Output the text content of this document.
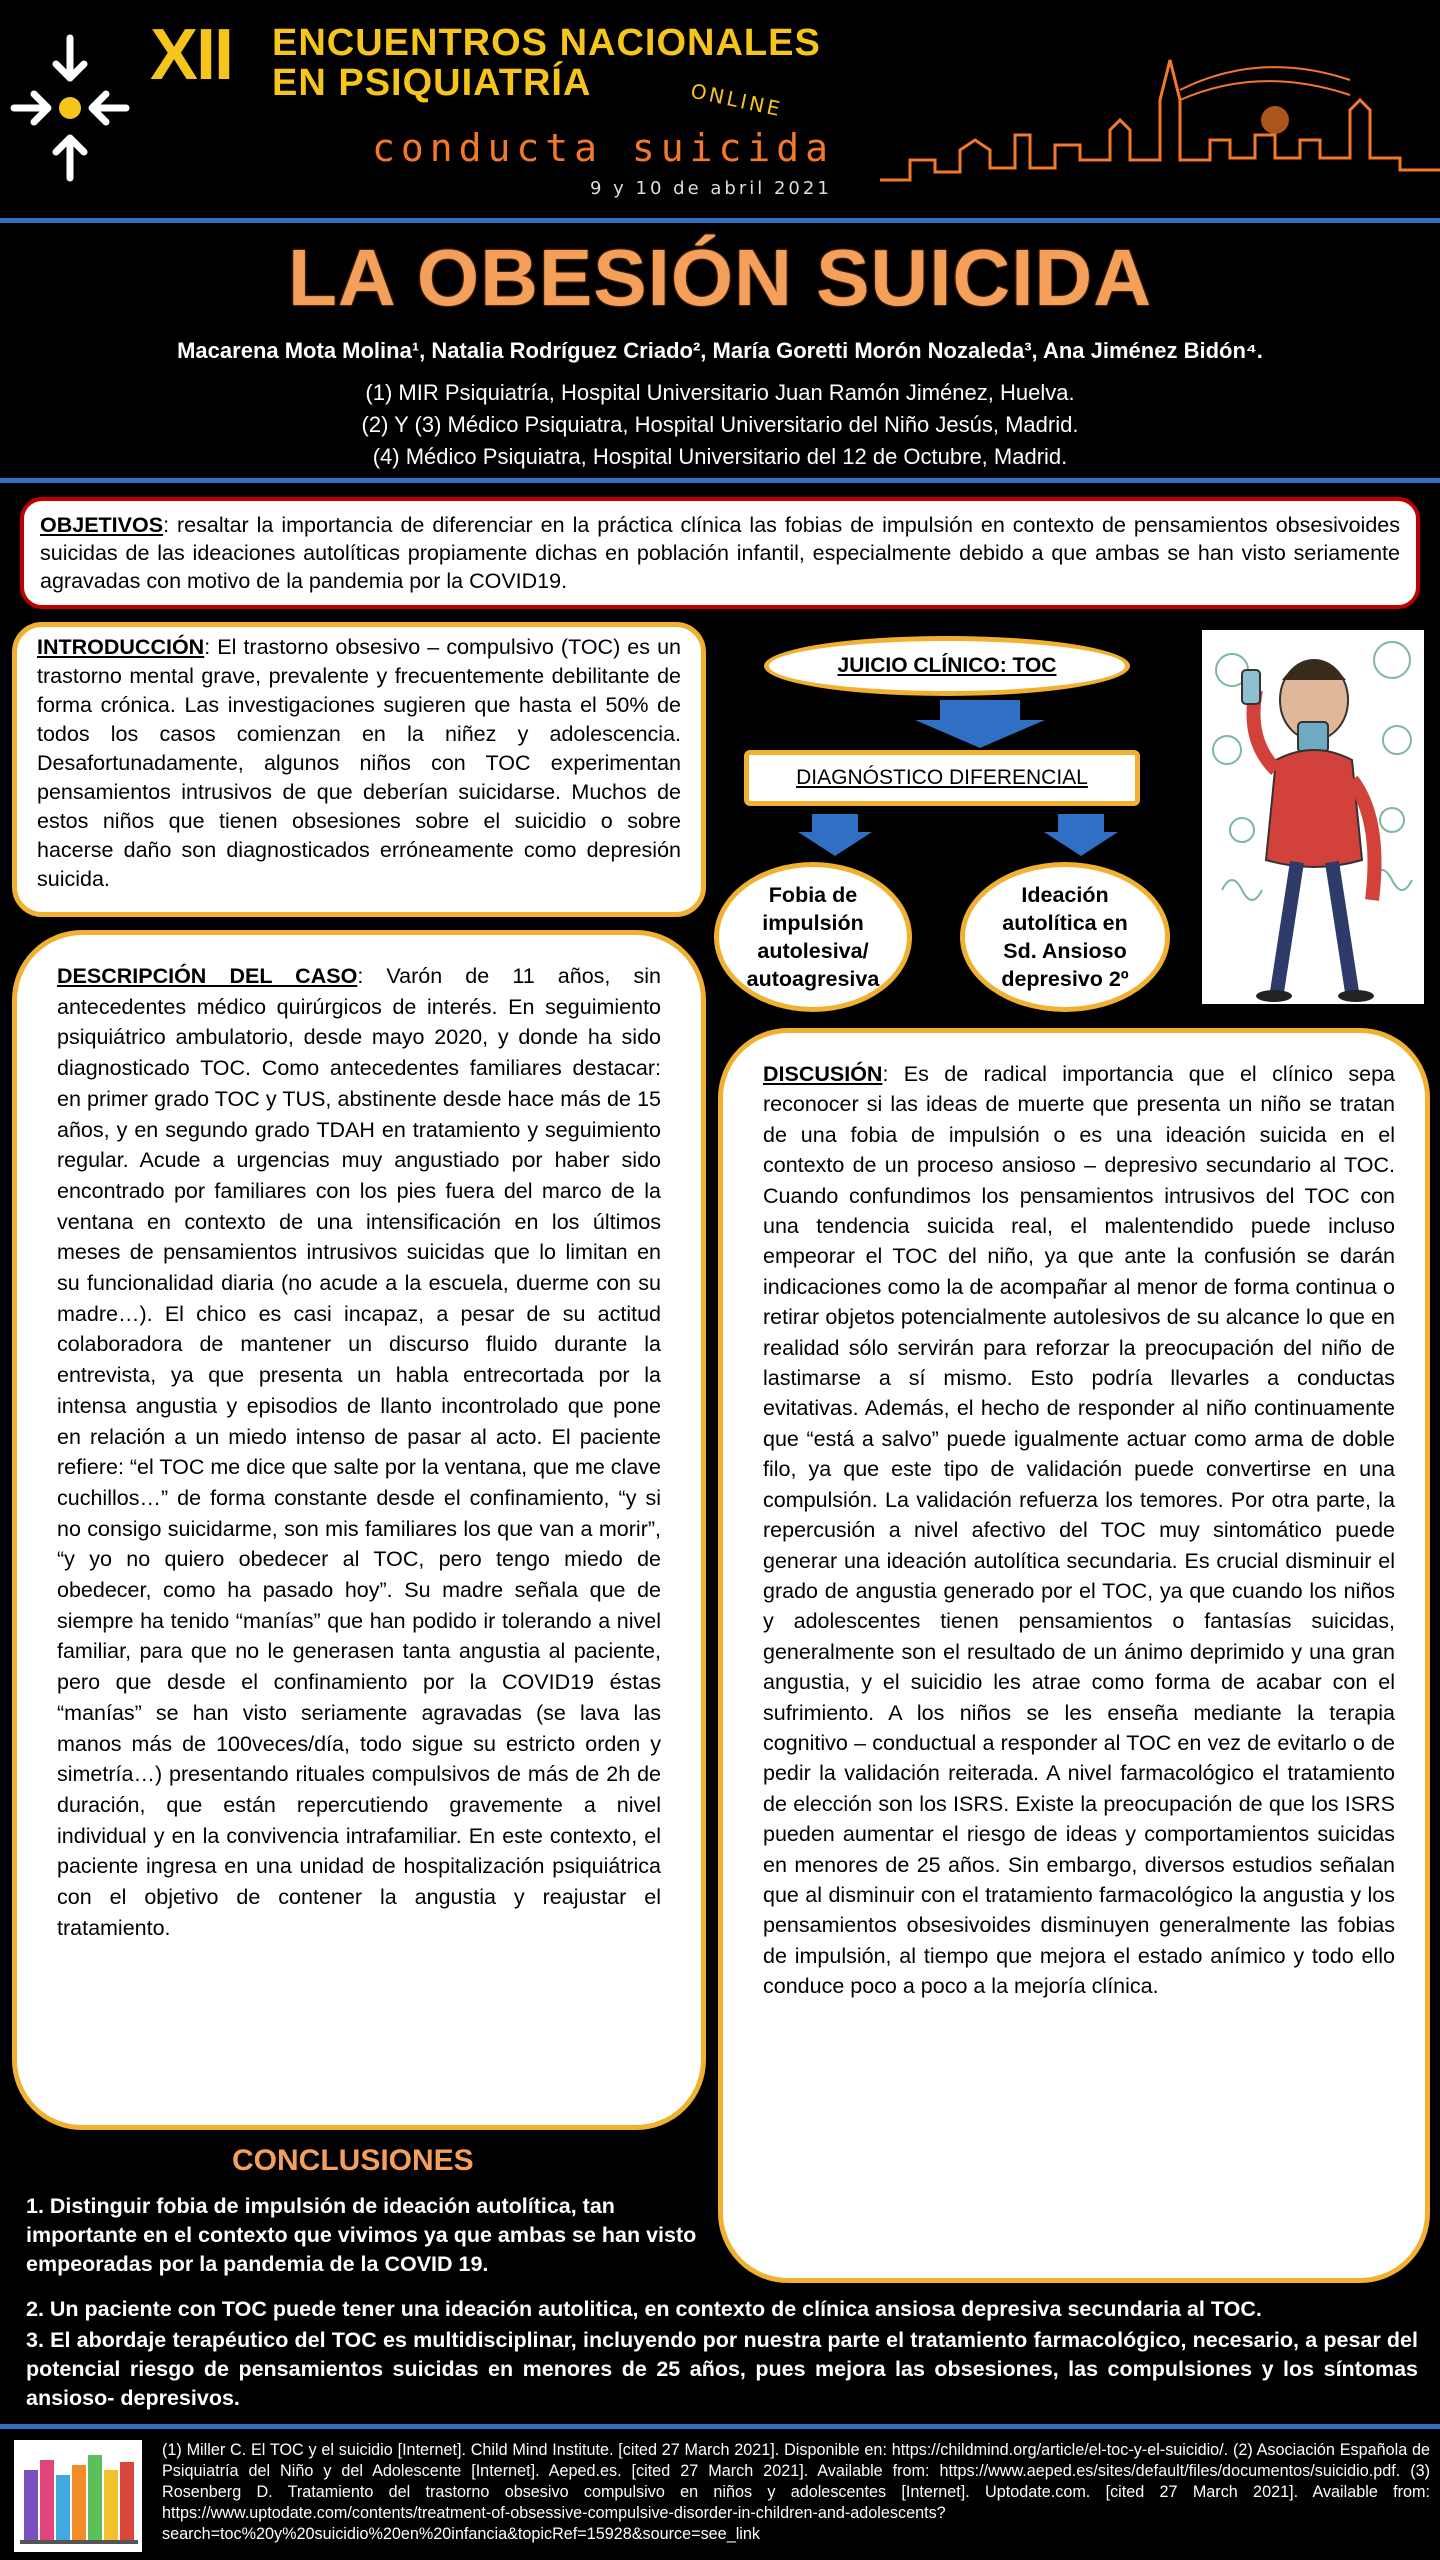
XII ENCUENTROS NACIONALES
EN PSIQUIATRÍA	ONLINE
conducta suicida
9 y 10 de abril 2021
LA OBESIÓN SUICIDA
Macarena Mota Molina¹, Natalia Rodríguez Criado², María Goretti Morón Nozaleda³, Ana Jiménez Bidón⁴.
(1) MIR Psiquiatría, Hospital Universitario Juan Ramón Jiménez, Huelva.
(2) Y (3) Médico Psiquiatra, Hospital Universitario del Niño Jesús, Madrid.
(4) Médico Psiquiatra, Hospital Universitario del 12 de Octubre, Madrid.
OBJETIVOS: resaltar la importancia de diferenciar en la práctica clínica las fobias de impulsión en contexto de pensamientos obsesivoides suicidas de las ideaciones autolíticas propiamente dichas en población infantil, especialmente debido a que ambas se han visto seriamente agravadas con motivo de la pandemia por la COVID19.
INTRODUCCIÓN: El trastorno obsesivo – compulsivo (TOC) es un trastorno mental grave, prevalente y frecuentemente debilitante de forma crónica. Las investigaciones sugieren que hasta el 50% de todos los casos comienzan en la niñez y adolescencia. Desafortunadamente, algunos niños con TOC experimentan pensamientos intrusivos de que deberían suicidarse. Muchos de estos niños que tienen obsesiones sobre el suicidio o sobre hacerse daño son diagnosticados erróneamente como depresión suicida.
JUICIO CLÍNICO: TOC
DIAGNÓSTICO DIFERENCIAL
Fobia de
impulsión
autolesiva/
autoagresiva
Ideación
autolítica en
Sd. Ansioso
depresivo 2º
DESCRIPCIÓN DEL CASO: Varón de 11 años, sin antecedentes médico quirúrgicos de interés. En seguimiento psiquiátrico ambulatorio, desde mayo 2020, y donde ha sido diagnosticado TOC. Como antecedentes familiares destacar: en primer grado TOC y TUS, abstinente desde hace más de 15 años, y en segundo grado TDAH en tratamiento y seguimiento regular. Acude a urgencias muy angustiado por haber sido encontrado por familiares con los pies fuera del marco de la ventana en contexto de una intensificación en los últimos meses de pensamientos intrusivos suicidas que lo limitan en su funcionalidad diaria (no acude a la escuela, duerme con su madre…). El chico es casi incapaz, a pesar de su actitud colaboradora de mantener un discurso fluido durante la entrevista, ya que presenta un habla entrecortada por la intensa angustia y episodios de llanto incontrolado que pone en relación a un miedo intenso de pasar al acto. El paciente refiere: “el TOC me dice que salte por la ventana, que me clave cuchillos…” de forma constante desde el confinamiento, “y si no consigo suicidarme, son mis familiares los que van a morir”, “y yo no quiero obedecer al TOC, pero tengo miedo de obedecer, como ha pasado hoy”. Su madre señala que de siempre ha tenido “manías” que han podido ir tolerando a nivel familiar, para que no le generasen tanta angustia al paciente, pero que desde el confinamiento por la COVID19 éstas “manías” se han visto seriamente agravadas (se lava las manos más de 100veces/día, todo sigue su estricto orden y simetría…) presentando rituales compulsivos de más de 2h de duración, que están repercutiendo gravemente a nivel individual y en la convivencia intrafamiliar. En este contexto, el paciente ingresa en una unidad de hospitalización psiquiátrica con el objetivo de contener la angustia y reajustar el tratamiento.
DISCUSIÓN: Es de radical importancia que el clínico sepa reconocer si las ideas de muerte que presenta un niño se tratan de una fobia de impulsión o es una ideación suicida en el contexto de un proceso ansioso – depresivo secundario al TOC. Cuando confundimos los pensamientos intrusivos del TOC con una tendencia suicida real, el malentendido puede incluso empeorar el TOC del niño, ya que ante la confusión se darán indicaciones como la de acompañar al menor de forma continua o retirar objetos potencialmente autolesivos de su alcance lo que en realidad sólo servirán para reforzar la preocupación del niño de lastimarse a sí mismo. Esto podría llevarles a conductas evitativas. Además, el hecho de responder al niño continuamente que “está a salvo” puede igualmente actuar como arma de doble filo, ya que este tipo de validación puede convertirse en una compulsión. La validación refuerza los temores. Por otra parte, la repercusión a nivel afectivo del TOC muy sintomático puede generar una ideación autolítica secundaria. Es crucial disminuir el grado de angustia generado por el TOC, ya que cuando los niños y adolescentes tienen pensamientos o fantasías suicidas, generalmente son el resultado de un ánimo deprimido y una gran angustia, y el suicidio les atrae como forma de acabar con el sufrimiento. A los niños se les enseña mediante la terapia cognitivo – conductual a responder al TOC en vez de evitarlo o de pedir la validación reiterada. A nivel farmacológico el tratamiento de elección son los ISRS. Existe la preocupación de que los ISRS pueden aumentar el riesgo de ideas y comportamientos suicidas en menores de 25 años. Sin embargo, diversos estudios señalan que al disminuir con el tratamiento farmacológico la angustia y los pensamientos obsesivoides disminuyen generalmente las fobias de impulsión, al tiempo que mejora el estado anímico y todo ello conduce poco a poco a la mejoría clínica.
CONCLUSIONES
1. Distinguir fobia de impulsión de ideación autolítica, tan importante en el contexto que vivimos ya que ambas se han visto empeoradas por la pandemia de la COVID 19.
2. Un paciente con TOC puede tener una ideación autolitica, en contexto de clínica ansiosa depresiva secundaria al TOC.
3. El abordaje terapéutico del TOC es multidisciplinar, incluyendo por nuestra parte el tratamiento farmacológico, necesario, a pesar del potencial riesgo de pensamientos suicidas en menores de 25 años, pues mejora las obsesiones, las compulsiones y los síntomas ansioso- depresivos.
(1) Miller C. El TOC y el suicidio [Internet]. Child Mind Institute. [cited 27 March 2021]. Disponible en: https://childmind.org/article/el-toc-y-el-suicidio/. (2) Asociación Española de Psiquiatría del Niño y del Adolescente [Internet]. Aeped.es. [cited 27 March 2021]. Available from: https://www.aeped.es/sites/default/files/documentos/suicidio.pdf. (3) Rosenberg D. Tratamiento del trastorno obsesivo compulsivo en niños y adolescentes [Internet]. Uptodate.com. [cited 27 March 2021]. Available from: https://www.uptodate.com/contents/treatment-of-obsessive-compulsive-disorder-in-children-and-adolescents?search=toc%20y%20suicidio%20en%20infancia&topicRef=15928&source=see_link
